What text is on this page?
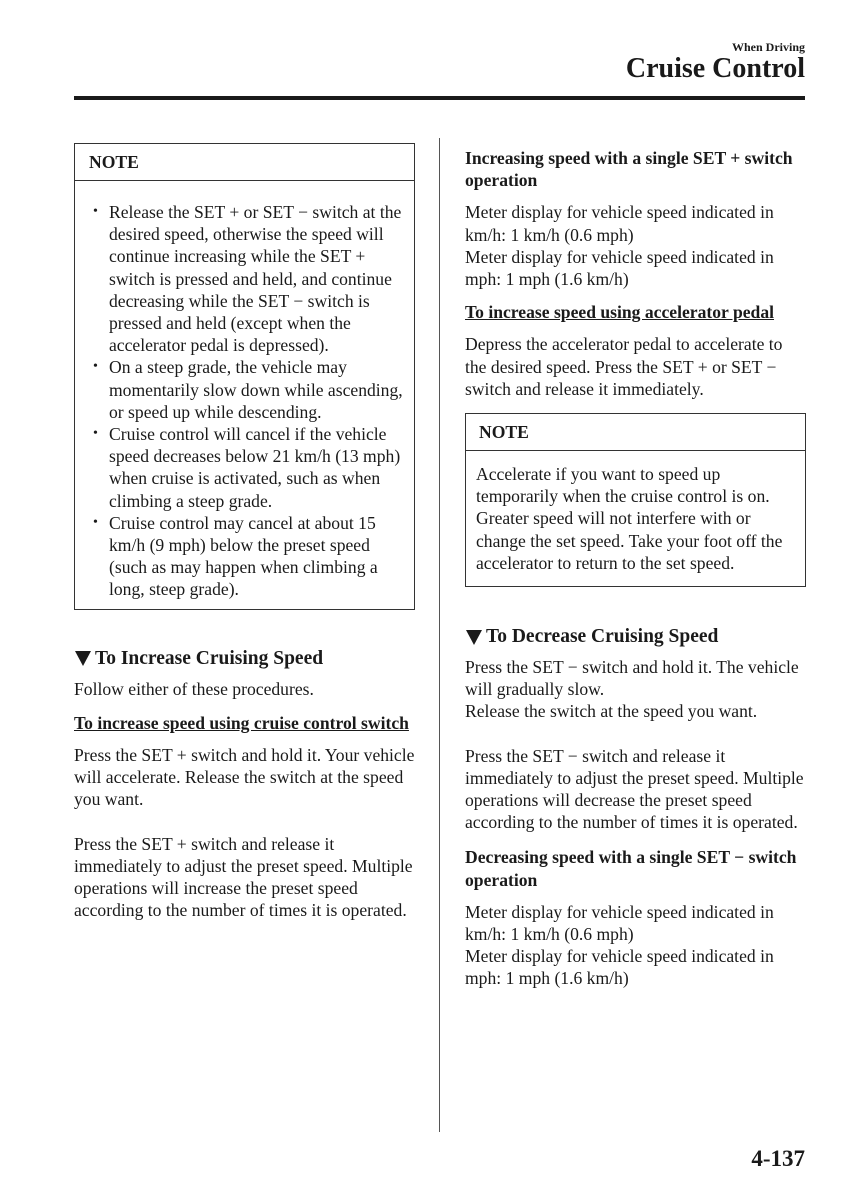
When Driving
Cruise Control
NOTE
• Release the SET + or SET − switch at the desired speed, otherwise the speed will continue increasing while the SET + switch is pressed and held, and continue decreasing while the SET − switch is pressed and held (except when the accelerator pedal is depressed).
• On a steep grade, the vehicle may momentarily slow down while ascending, or speed up while descending.
• Cruise control will cancel if the vehicle speed decreases below 21 km/h (13 mph) when cruise is activated, such as when climbing a steep grade.
• Cruise control may cancel at about 15 km/h (9 mph) below the preset speed (such as may happen when climbing a long, steep grade).
To Increase Cruising Speed

Follow either of these procedures.

To increase speed using cruise control switch

Press the SET + switch and hold it. Your vehicle will accelerate. Release the switch at the speed you want.

Press the SET + switch and release it immediately to adjust the preset speed. Multiple operations will increase the preset speed according to the number of times it is operated.

Increasing speed with a single SET + switch operation

Meter display for vehicle speed indicated in km/h: 1 km/h (0.6 mph)
Meter display for vehicle speed indicated in mph: 1 mph (1.6 km/h)

To increase speed using accelerator pedal

Depress the accelerator pedal to accelerate to the desired speed. Press the SET + or SET − switch and release it immediately.

NOTE

Accelerate if you want to speed up temporarily when the cruise control is on. Greater speed will not interfere with or change the set speed. Take your foot off the accelerator to return to the set speed.

To Decrease Cruising Speed

Press the SET − switch and hold it. The vehicle will gradually slow.
Release the switch at the speed you want.

Press the SET − switch and release it immediately to adjust the preset speed. Multiple operations will decrease the preset speed according to the number of times it is operated.

Decreasing speed with a single SET − switch operation

Meter display for vehicle speed indicated in km/h: 1 km/h (0.6 mph)
Meter display for vehicle speed indicated in mph: 1 mph (1.6 km/h)

4-137
